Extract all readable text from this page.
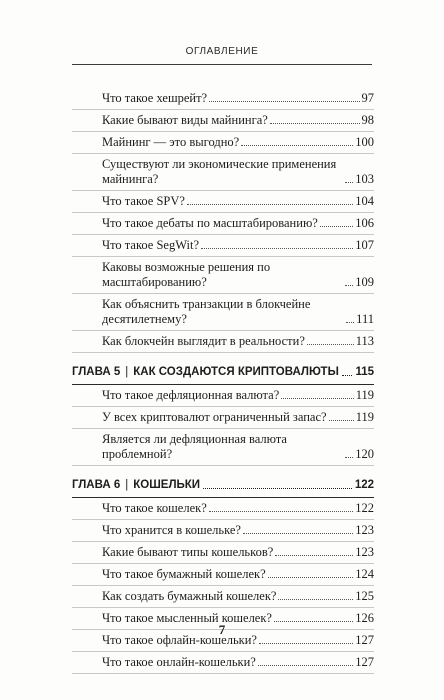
ОГЛАВЛЕНИЕ
Что такое хешрейт?	97
Какие бывают виды майнинга?	98
Майнинг — это выгодно?	100
Существуют ли экономические применения майнинга?	103
Что такое SPV?	104
Что такое дебаты по масштабированию?	106
Что такое SegWit?	107
Каковы возможные решения по масштабированию?	109
Как объяснить транзакции в блокчейне десятилетнему?	111
Как блокчейн выглядит в реальности?	113
ГЛАВА 5 | КАК СОЗДАЮТСЯ КРИПТОВАЛЮТЫ 115
Что такое дефляционная валюта?	119
У всех криптовалют ограниченный запас? 119
Является ли дефляционная валюта проблемной?	120
ГЛАВА 6 | КОШЕЛЬКИ	122
Что такое кошелек?	122
Что хранится в кошельке?	123
Какие бывают типы кошельков?	123
Что такое бумажный кошелек?	124
Как создать бумажный кошелек?	125
Что такое мысленный кошелек?	126
Что такое офлайн-кошельки?	127
Что такое онлайн-кошельки?	127
7
